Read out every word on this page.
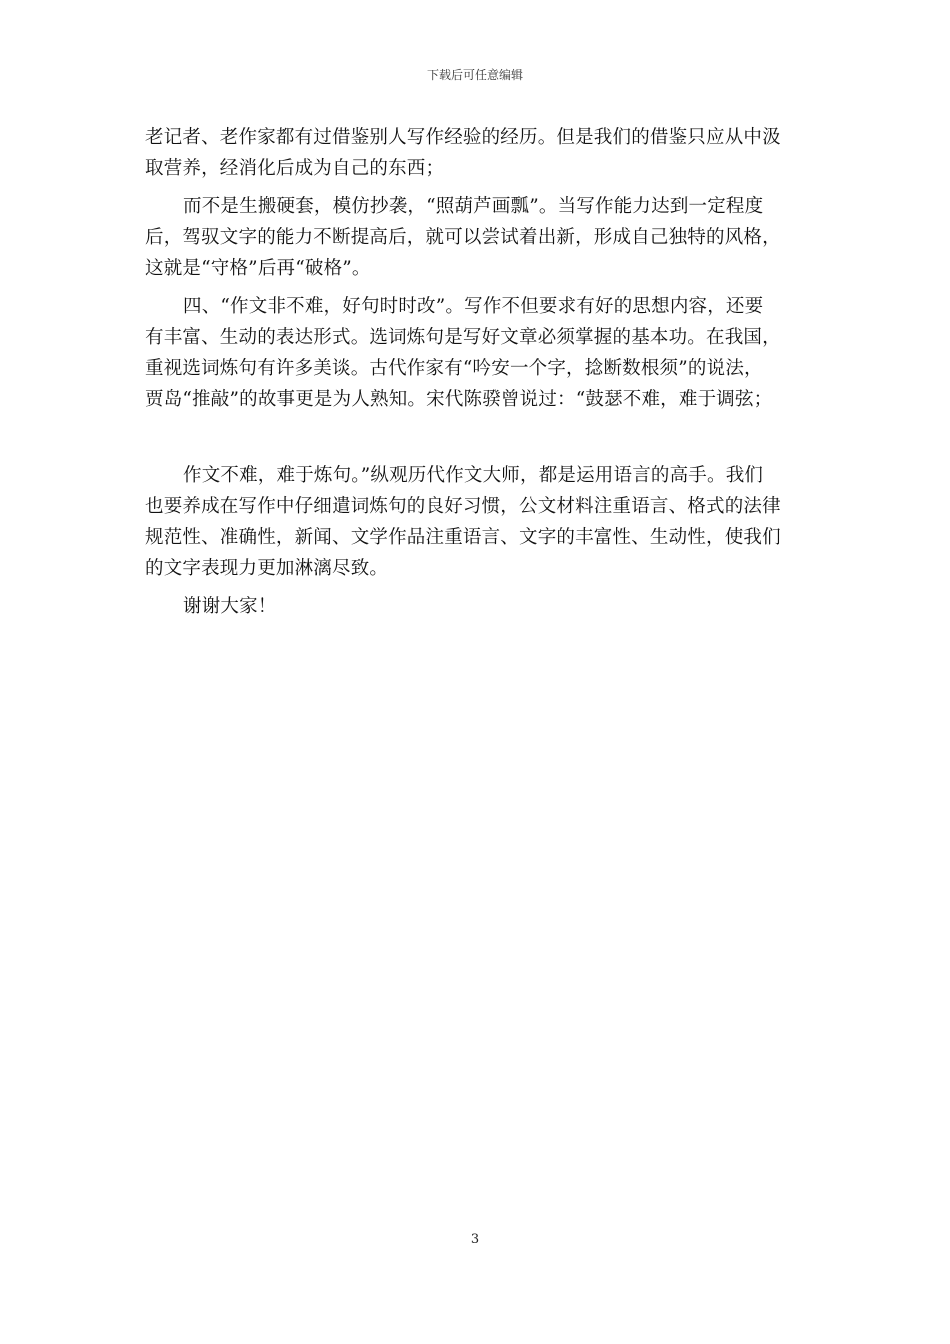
下载后可任意编辑

老记者、老作家都有过借鉴别人写作经验的经历。但是我们的借鉴只应从中汲
取营养，经消化后成为自己的东西；

而不是生搬硬套，模仿抄袭，“照葫芦画瓢”。当写作能力达到一定程度
后，驾驭文字的能力不断提高后，就可以尝试着出新，形成自己独特的风格，
这就是“守格”后再“破格”。

四、“作文非不难，好句时时改”。写作不但要求有好的思想内容，还要
有丰富、生动的表达形式。选词炼句是写好文章必须掌握的基本功。在我国，
重视选词炼句有许多美谈。古代作家有“吟安一个字，捻断数根须”的说法，
贾岛“推敲”的故事更是为人熟知。宋代陈骙曾说过：“鼓瑟不难，难于调弦；

作文不难，难于炼句。”纵观历代作文大师，都是运用语言的高手。我们
也要养成在写作中仔细遣词炼句的良好习惯，公文材料注重语言、格式的法律
规范性、准确性，新闻、文学作品注重语言、文字的丰富性、生动性，使我们
的文字表现力更加淋漓尽致。

谢谢大家！

3
